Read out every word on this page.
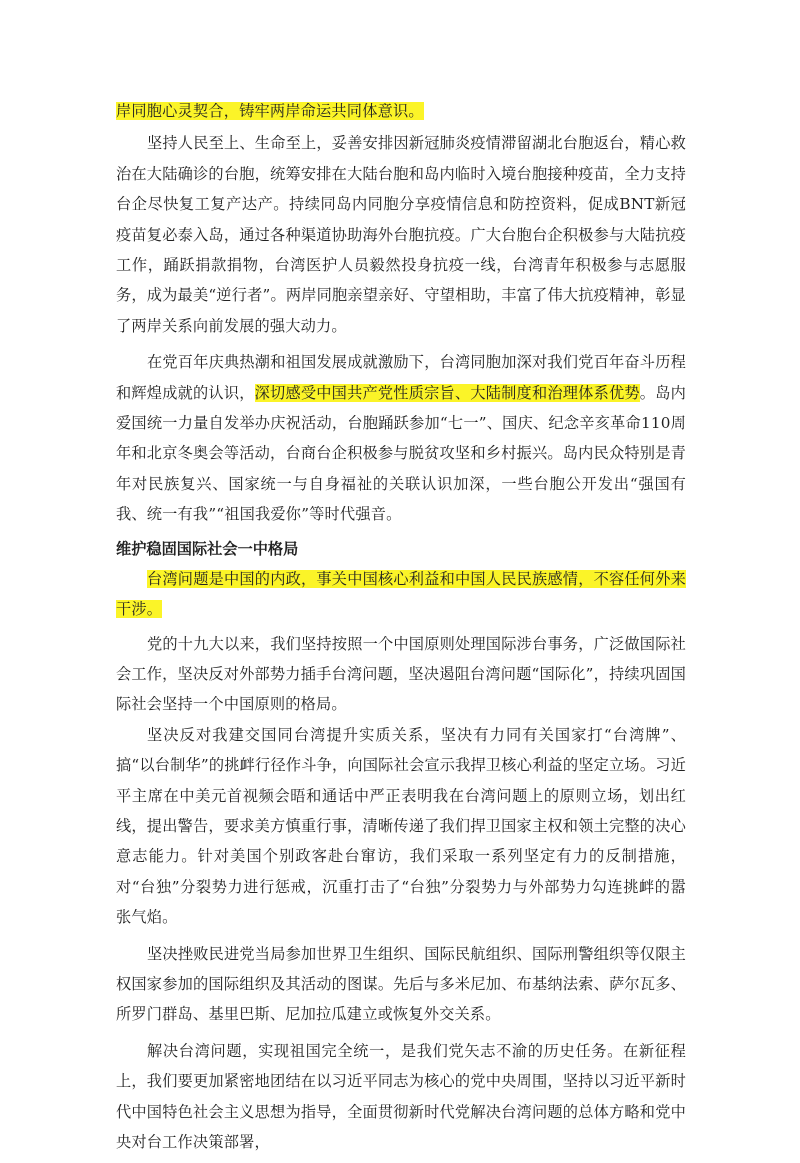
岸同胞心灵契合，铸牢两岸命运共同体意识。

坚持人民至上、生命至上，妥善安排因新冠肺炎疫情滞留湖北台胞返台，精心救治在大陆确诊的台胞，统筹安排在大陆台胞和岛内临时入境台胞接种疫苗，全力支持台企尽快复工复产达产。持续同岛内同胞分享疫情信息和防控资料，促成BNT新冠疫苗复必泰入岛，通过各种渠道协助海外台胞抗疫。广大台胞台企积极参与大陆抗疫工作，踊跃捐款捐物，台湾医护人员毅然投身抗疫一线，台湾青年积极参与志愿服务，成为最美“逆行者”。两岸同胞亲望亲好、守望相助，丰富了伟大抗疫精神，彰显了两岸关系向前发展的强大动力。

在党百年庆典热潮和祖国发展成就激励下，台湾同胞加深对我们党百年奋斗历程和辉煌成就的认识，深切感受中国共产党性质宗旨、大陆制度和治理体系优势。岛内爱国统一力量自发举办庆祝活动，台胞踊跃参加“七一”、国庆、纪念辛亥革命110周年和北京冬奥会等活动，台商台企积极参与脱贫攻坚和乡村振兴。岛内民众特别是青年对民族复兴、国家统一与自身福祉的关联认识加深，一些台胞公开发出“强国有我、统一有我”“祖国我爱你”等时代强音。

维护稳固国际社会一中格局

台湾问题是中国的内政，事关中国核心利益和中国人民民族感情，不容任何外来干涉。

党的十九大以来，我们坚持按照一个中国原则处理国际涉台事务，广泛做国际社会工作，坚决反对外部势力插手台湾问题，坚决遏阻台湾问题“国际化”，持续巩固国际社会坚持一个中国原则的格局。

坚决反对我建交国同台湾提升实质关系，坚决有力同有关国家打“台湾牌”、搞“以台制华”的挑衅行径作斗争，向国际社会宣示我捍卫核心利益的坚定立场。习近平主席在中美元首视频会晤和通话中严正表明我在台湾问题上的原则立场，划出红线，提出警告，要求美方慎重行事，清晰传递了我们捍卫国家主权和领土完整的决心意志能力。针对美国个别政客赴台窜访，我们采取一系列坚定有力的反制措施，对“台独”分裂势力进行惩戒，沉重打击了“台独”分裂势力与外部势力勾连挑衅的嚣张气焰。

坚决挫败民进党当局参加世界卫生组织、国际民航组织、国际刑警组织等仅限主权国家参加的国际组织及其活动的图谋。先后与多米尼加、布基纳法索、萨尔瓦多、所罗门群岛、基里巴斯、尼加拉瓜建立或恢复外交关系。

解决台湾问题，实现祖国完全统一，是我们党矢志不渝的历史任务。在新征程上，我们要更加紧密地团结在以习近平同志为核心的党中央周围，坚持以习近平新时代中国特色社会主义思想为指导，全面贯彻新时代党解决台湾问题的总体方略和党中央对台工作决策部署，
